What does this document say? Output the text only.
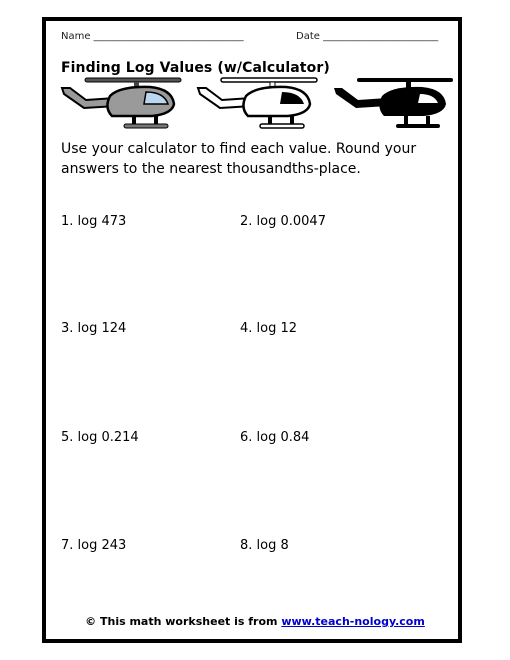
Name ______________________________	Date _______________________
Finding Log Values (w/Calculator)
Use your calculator to find each value. Round your answers to the nearest thousandths-place.
1. log 473	2. log 0.0047
3. log 124	4. log 12
5. log 0.214	6. log 0.84
7. log 243	8. log 8
© This math worksheet is from www.teach-nology.com
